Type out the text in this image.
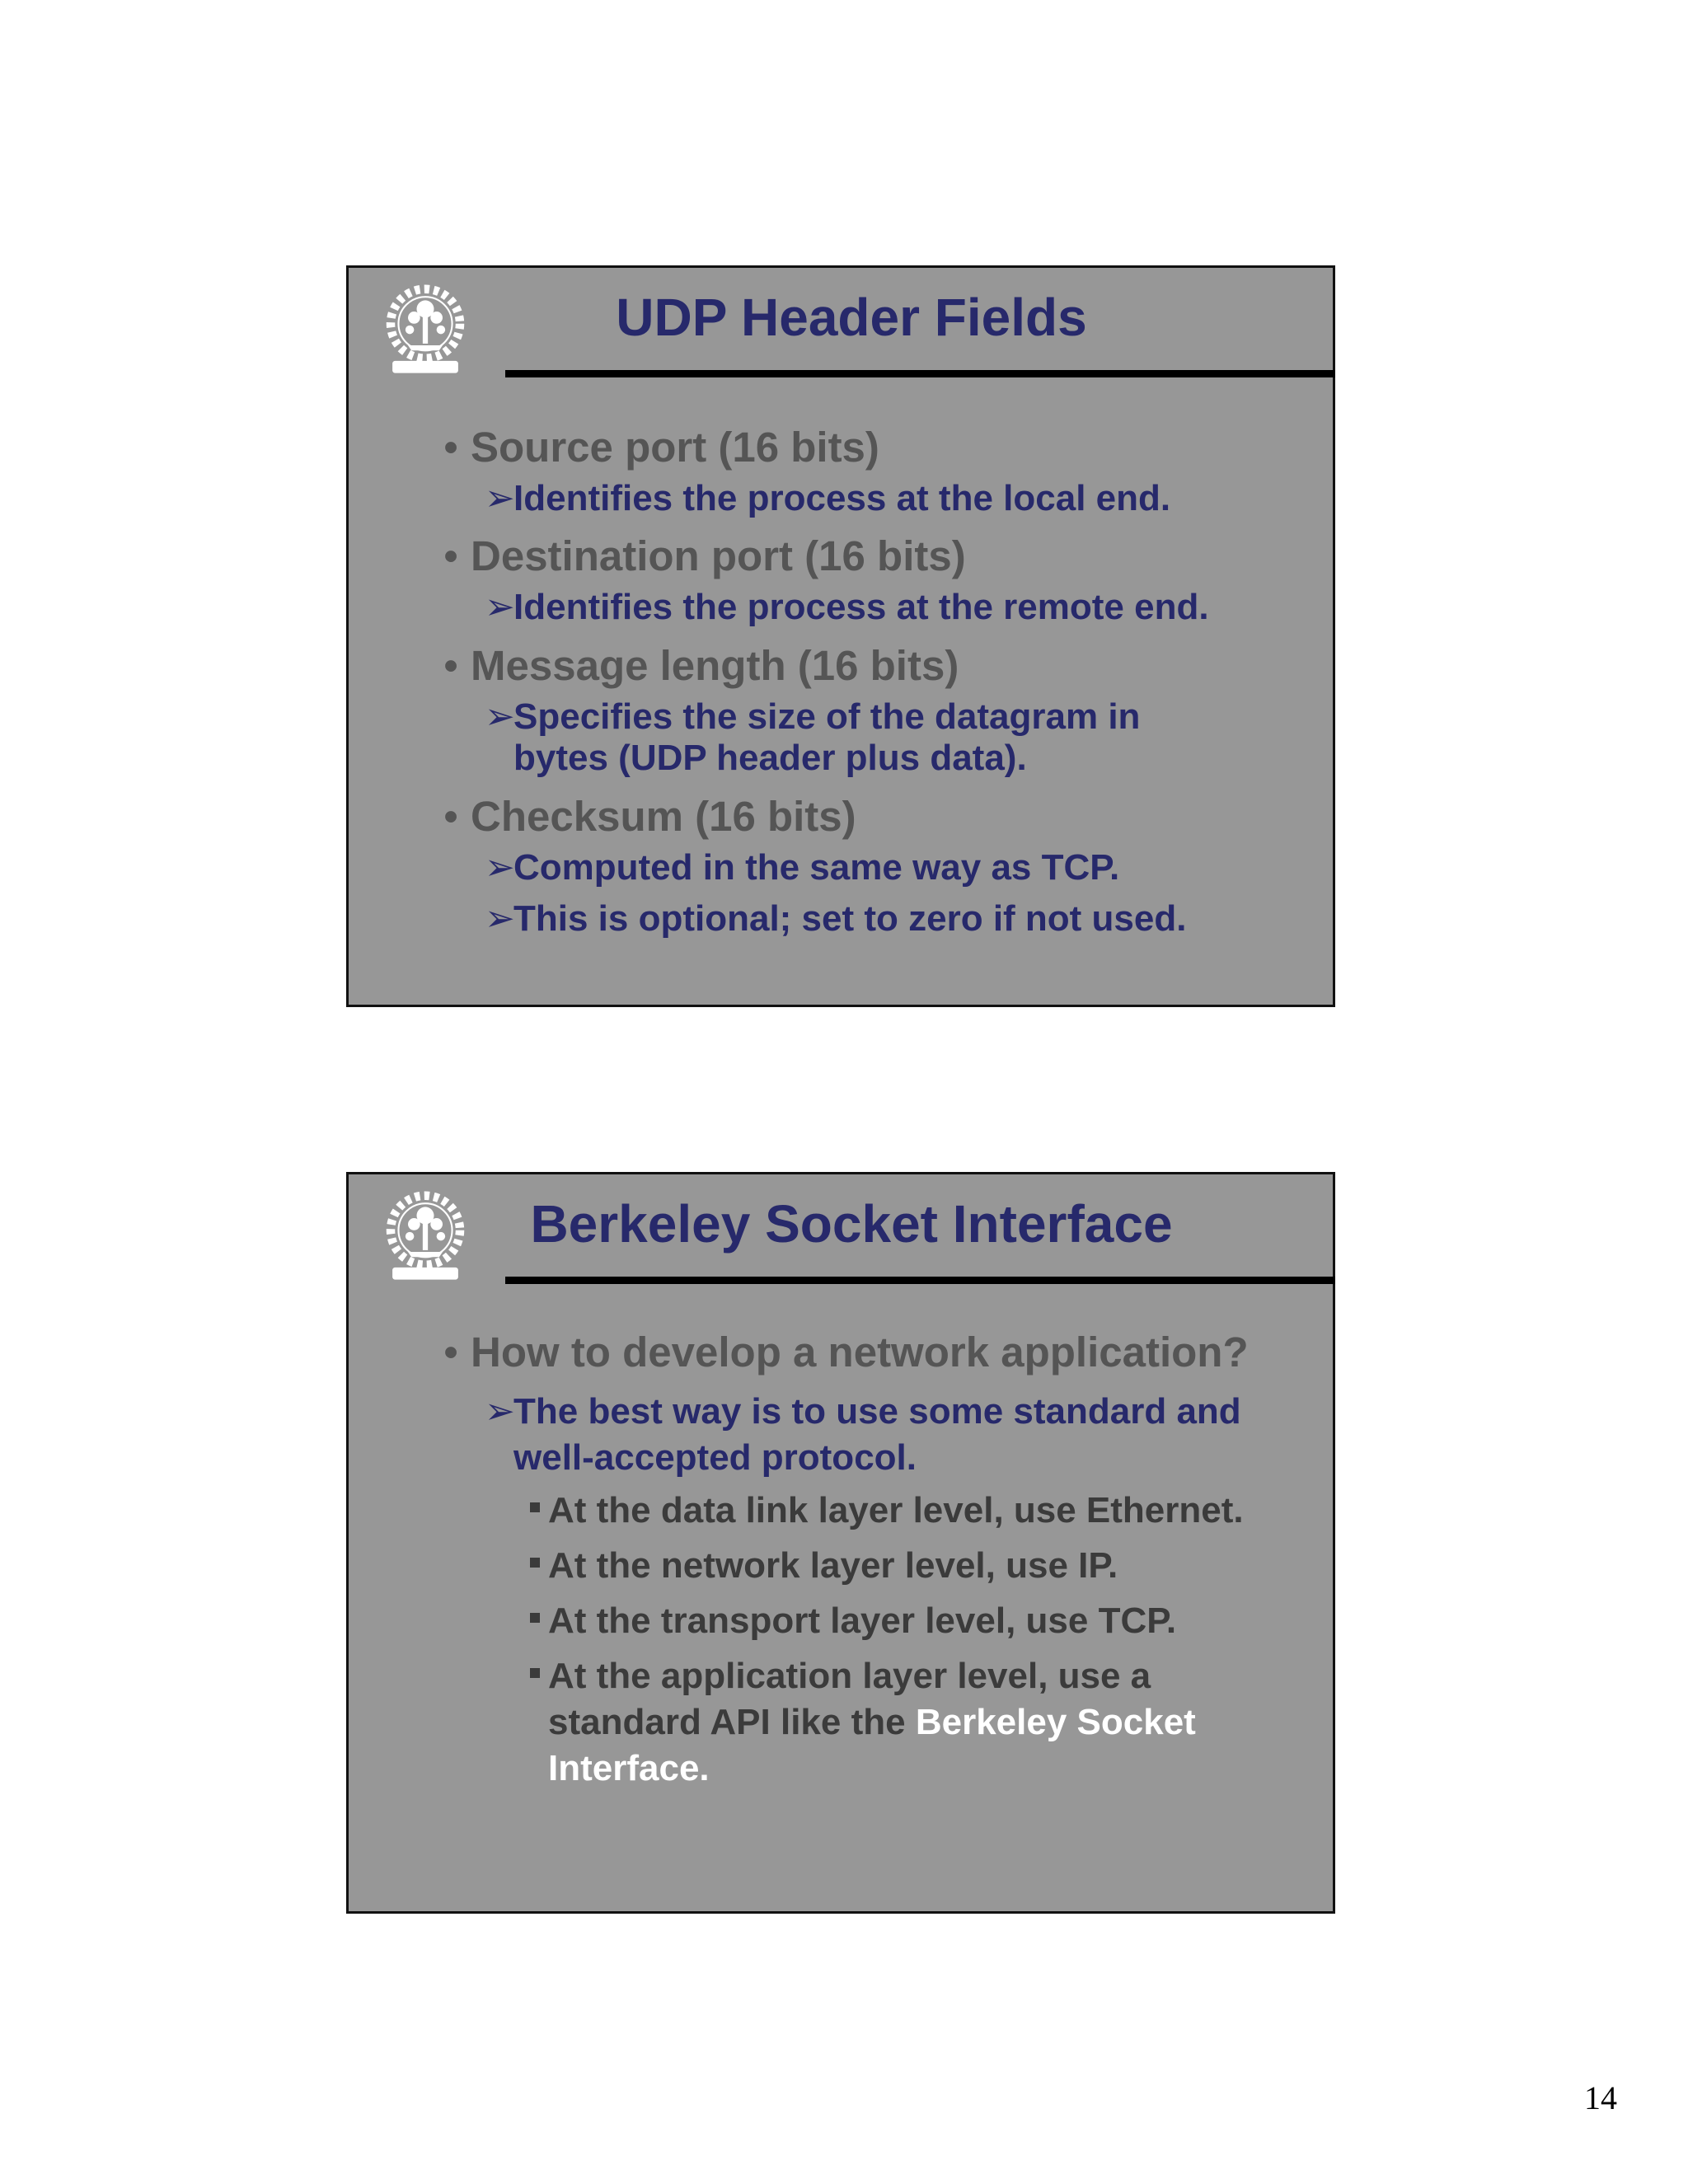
UDP Header Fields
• Source port (16 bits)
➢Identifies the process at the local end.
• Destination port (16 bits)
➢Identifies the process at the remote end.
• Message length (16 bits)
➢Specifies the size of the datagram in bytes (UDP header plus data).
• Checksum (16 bits)
➢Computed in the same way as TCP.
➢This is optional; set to zero if not used.
Berkeley Socket Interface
• How to develop a network application?
➢The best way is to use some standard and well-accepted protocol.
At the data link layer level, use Ethernet.
At the network layer level, use IP.
At the transport layer level, use TCP.
At the application layer level, use a standard API like the Berkeley Socket Interface.
14
